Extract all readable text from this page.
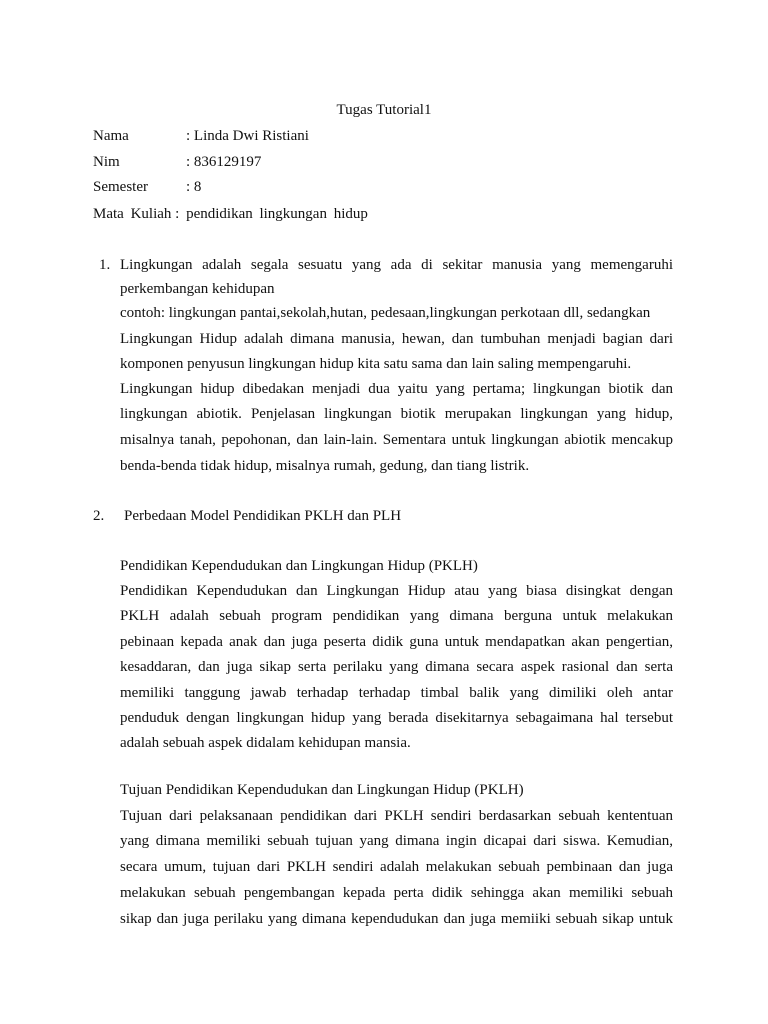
Tugas Tutorial1
Nama	: Linda Dwi Ristiani
Nim	: 836129197
Semester	: 8
Mata Kuliah : pendidikan lingkungan hidup
1. Lingkungan adalah segala sesuatu yang ada di sekitar manusia yang memengaruhi
perkembangan kehidupan
contoh: lingkungan pantai,sekolah,hutan, pedesaan,lingkungan perkotaan dll, sedangkan
Lingkungan Hidup adalah dimana manusia, hewan, dan tumbuhan menjadi bagian dari
komponen penyusun lingkungan hidup kita satu sama dan lain saling mempengaruhi.
Lingkungan hidup dibedakan menjadi dua yaitu yang pertama; lingkungan biotik dan
lingkungan abiotik. Penjelasan lingkungan biotik merupakan lingkungan yang hidup,
misalnya tanah, pepohonan, dan lain-lain. Sementara untuk lingkungan abiotik mencakup
benda-benda tidak hidup, misalnya rumah, gedung, dan tiang listrik.
2. Perbedaan Model Pendidikan PKLH dan PLH
Pendidikan Kependudukan dan Lingkungan Hidup (PKLH)
Pendidikan Kependudukan dan Lingkungan Hidup atau yang biasa disingkat dengan
PKLH adalah sebuah program pendidikan yang dimana berguna untuk melakukan
pebinaan kepada anak dan juga peserta didik guna untuk mendapatkan akan pengertian,
kesaddaran, dan juga sikap serta perilaku yang dimana secara aspek rasional dan serta
memiliki tanggung jawab terhadap terhadap timbal balik yang dimiliki oleh antar
penduduk dengan lingkungan hidup yang berada disekitarnya sebagaimana hal tersebut
adalah sebuah aspek didalam kehidupan mansia.
Tujuan Pendidikan Kependudukan dan Lingkungan Hidup (PKLH)
Tujuan dari pelaksanaan pendidikan dari PKLH sendiri berdasarkan sebuah kententuan
yang dimana memiliki sebuah tujuan yang dimana ingin dicapai dari siswa. Kemudian,
secara umum, tujuan dari PKLH sendiri adalah melakukan sebuah pembinaan dan juga
melakukan sebuah pengembangan kepada perta didik sehingga akan memiliki sebuah
sikap dan juga perilaku yang dimana kependudukan dan juga memiiki sebuah sikap untuk
